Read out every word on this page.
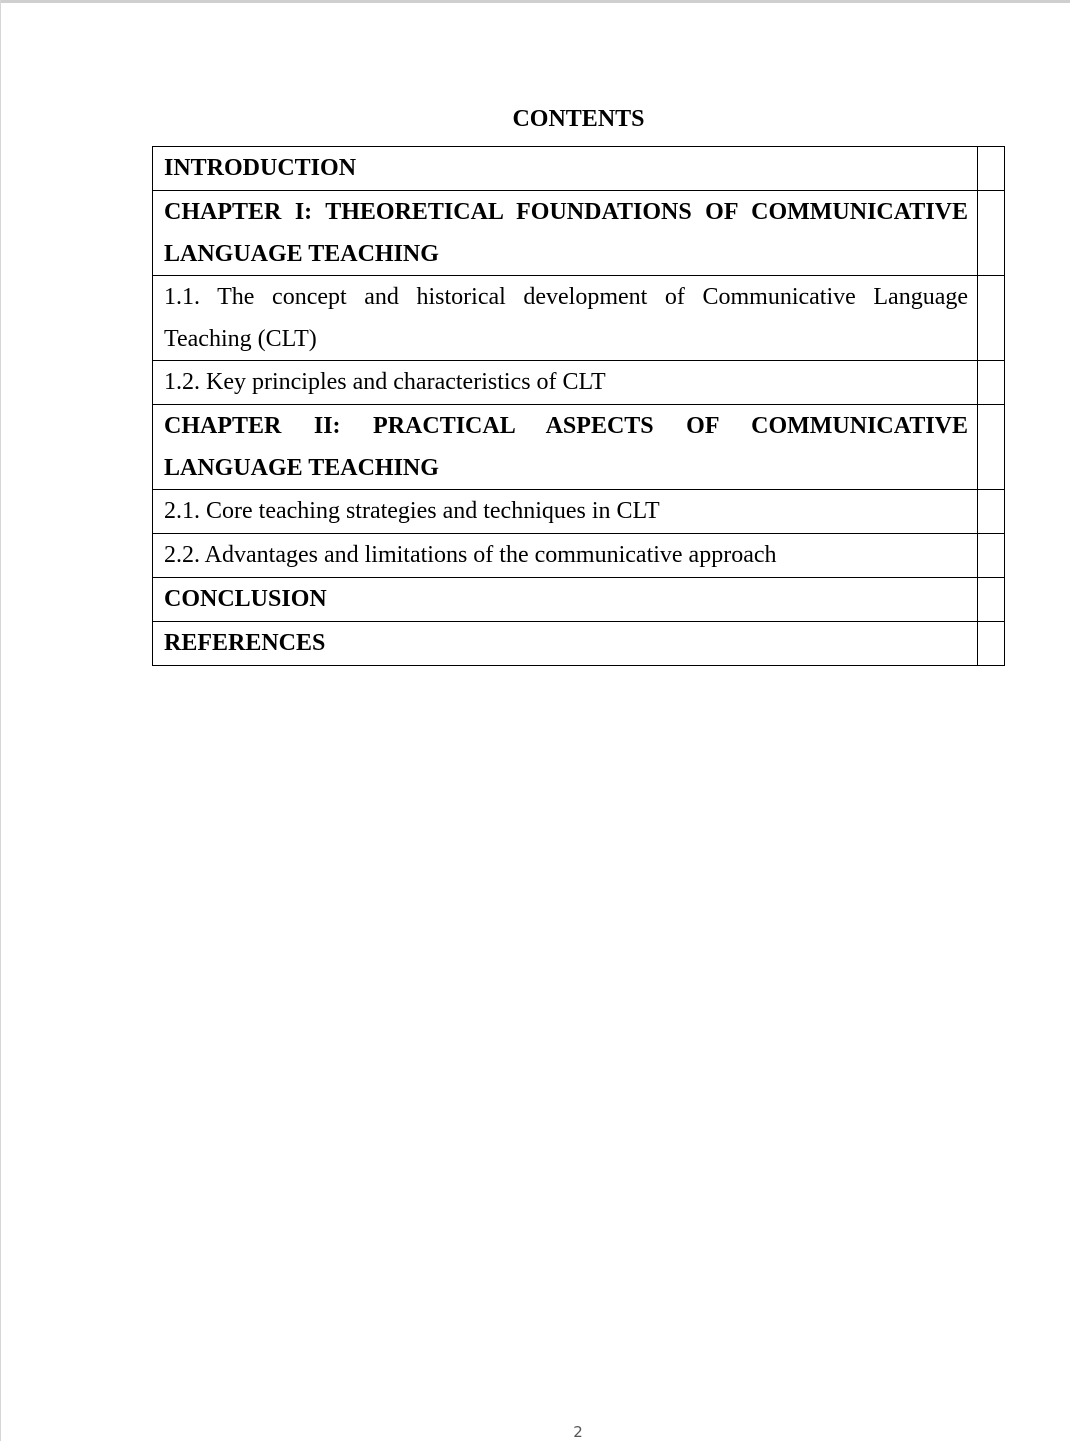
CONTENTS
INTRODUCTION	

CHAPTER I: THEORETICAL FOUNDATIONS OF COMMUNICATIVE LANGUAGE TEACHING	

1.1. The concept and historical development of Communicative Language Teaching (CLT)	

1.2. Key principles and characteristics of CLT	

CHAPTER II: PRACTICAL ASPECTS OF COMMUNICATIVE LANGUAGE TEACHING	

2.1. Core teaching strategies and techniques in CLT	

2.2. Advantages and limitations of the communicative approach	

CONCLUSION	

REFERENCES	

2
